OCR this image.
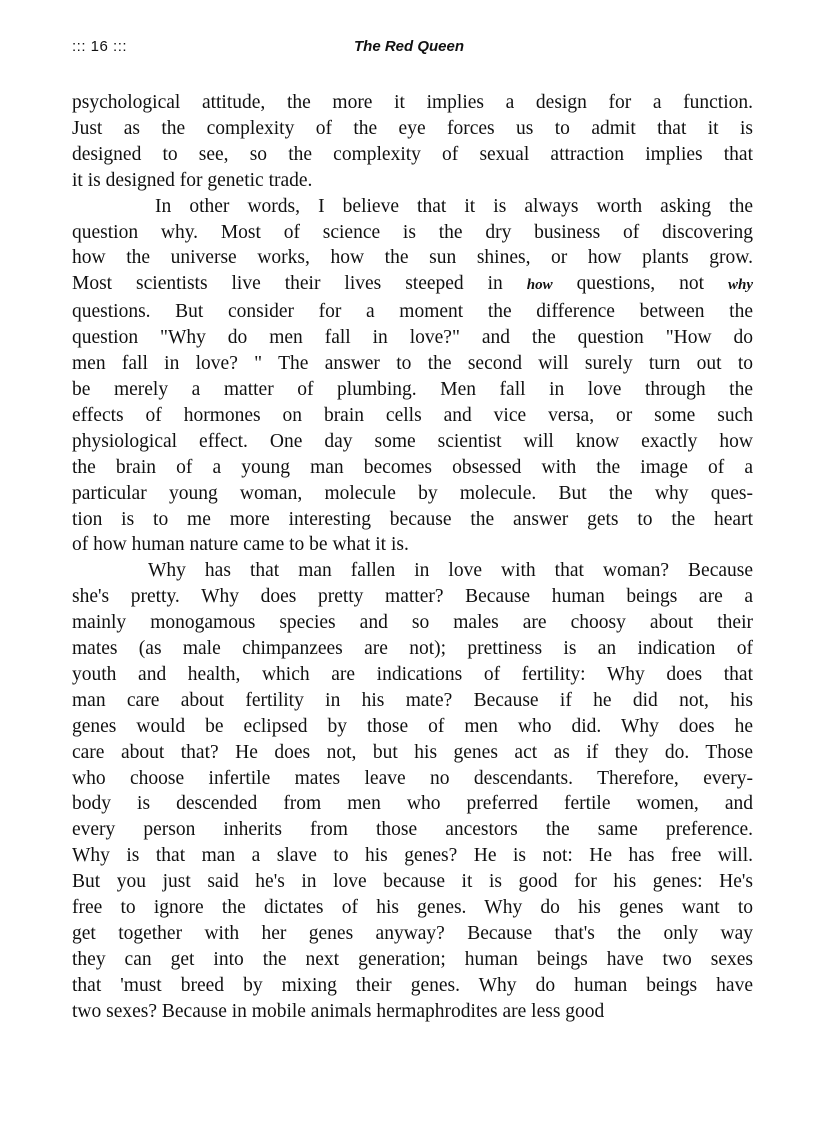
::: 16 :::	The Red Queen

psychological attitude, the more it implies a design for a function.
Just as the complexity of the eye forces us to admit that it is
designed to see, so the complexity of sexual attraction implies that
it is designed for genetic trade.

In other words, I believe that it is always worth asking the
question why. Most of science is the dry business of discovering
how the universe works, how the sun shines, or how plants grow.
Most scientists live their lives steeped in how questions, not why
questions. But consider for a moment the difference between the
question "Why do men fall in love?" and the question "How do
men fall in love? " The answer to the second will surely turn out to
be merely a matter of plumbing. Men fall in love through the
effects of hormones on brain cells and vice versa, or some such
physiological effect. One day some scientist will know exactly how
the brain of a young man becomes obsessed with the image of a
particular young woman, molecule by molecule. But the why ques-
tion is to me more interesting because the answer gets to the heart
of how human nature came to be what it is.

Why has that man fallen in love with that woman? Because
she's pretty. Why does pretty matter? Because human beings are a
mainly monogamous species and so males are choosy about their
mates (as male chimpanzees are not); prettiness is an indication of
youth and health, which are indications of fertility: Why does that
man care about fertility in his mate? Because if he did not, his
genes would be eclipsed by those of men who did. Why does he
care about that? He does not, but his genes act as if they do. Those
who choose infertile mates leave no descendants. Therefore, every-
body is descended from men who preferred fertile women, and
every person inherits from those ancestors the same preference.
Why is that man a slave to his genes? He is not: He has free will.
But you just said he's in love because it is good for his genes: He's
free to ignore the dictates of his genes. Why do his genes want to
get together with her genes anyway? Because that's the only way
they can get into the next generation; human beings have two sexes
that 'must breed by mixing their genes. Why do human beings have
two sexes? Because in mobile animals hermaphrodites are less good
